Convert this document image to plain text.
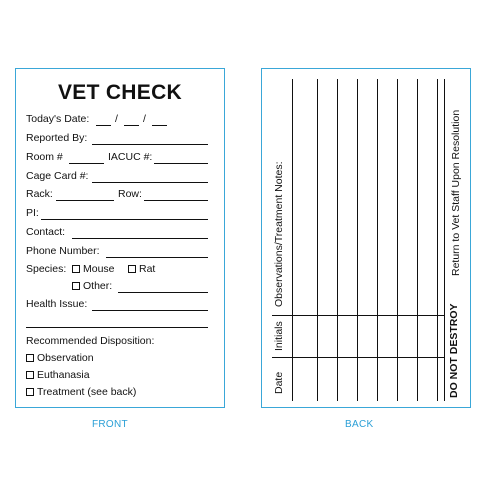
VET CHECK
Today's Date: / /
Reported By:
Room #	IACUC #:
Cage Card #:
Rack:	Row:
PI:
Contact:
Phone Number:
Species:	Mouse	Rat
Other:
Health Issue:
Recommended Disposition:
Observation
Euthanasia
Treatment (see back)	Date
Initials
Observations/Treatment Notes:	Return to Vet Staff Upon Resolution
DO NOT DESTROY
FRONT	BACK
